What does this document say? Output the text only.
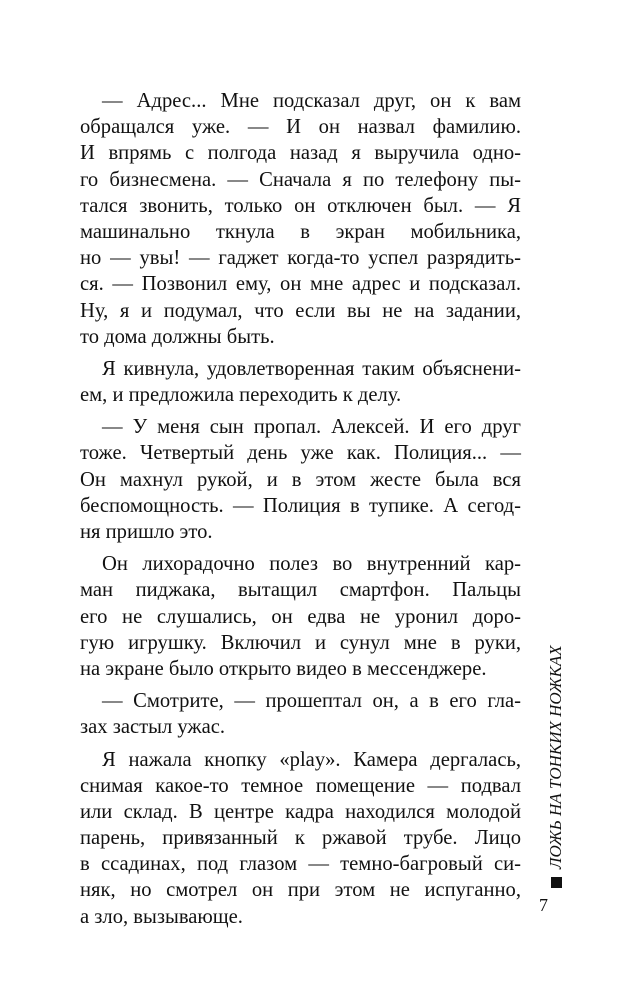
— Адрес... Мне подсказал друг, он к вам
обращался уже. — И он назвал фамилию.
И впрямь с полгода назад я выручила одно-
го бизнесмена. — Сначала я по телефону пы-
тался звонить, только он отключен был. — Я
машинально ткнула в экран мобильника,
но — увы! — гаджет когда-то успел разрядить-
ся. — Позвонил ему, он мне адрес и подсказал.
Ну, я и подумал, что если вы не на задании,
то дома должны быть.
Я кивнула, удовлетворенная таким объяснени-
ем, и предложила переходить к делу.
— У меня сын пропал. Алексей. И его друг
тоже. Четвертый день уже как. Полиция... —
Он махнул рукой, и в этом жесте была вся
беспомощность. — Полиция в тупике. А сегод-
ня пришло это.
Он лихорадочно полез во внутренний кар-
ман пиджака, вытащил смартфон. Пальцы
его не слушались, он едва не уронил доро-
гую игрушку. Включил и сунул мне в руки,
на экране было открыто видео в мессенджере.
— Смотрите, — прошептал он, а в его гла-
зах застыл ужас.
Я нажала кнопку «play». Камера дергалась,
снимая какое-то темное помещение — подвал
или склад. В центре кадра находился молодой
парень, привязанный к ржавой трубе. Лицо
в ссадинах, под глазом — темно-багровый си-
няк, но смотрел он при этом не испуганно,
а зло, вызывающе.
ЛОЖЬ НА ТОНКИХ НОЖКАХ
7
